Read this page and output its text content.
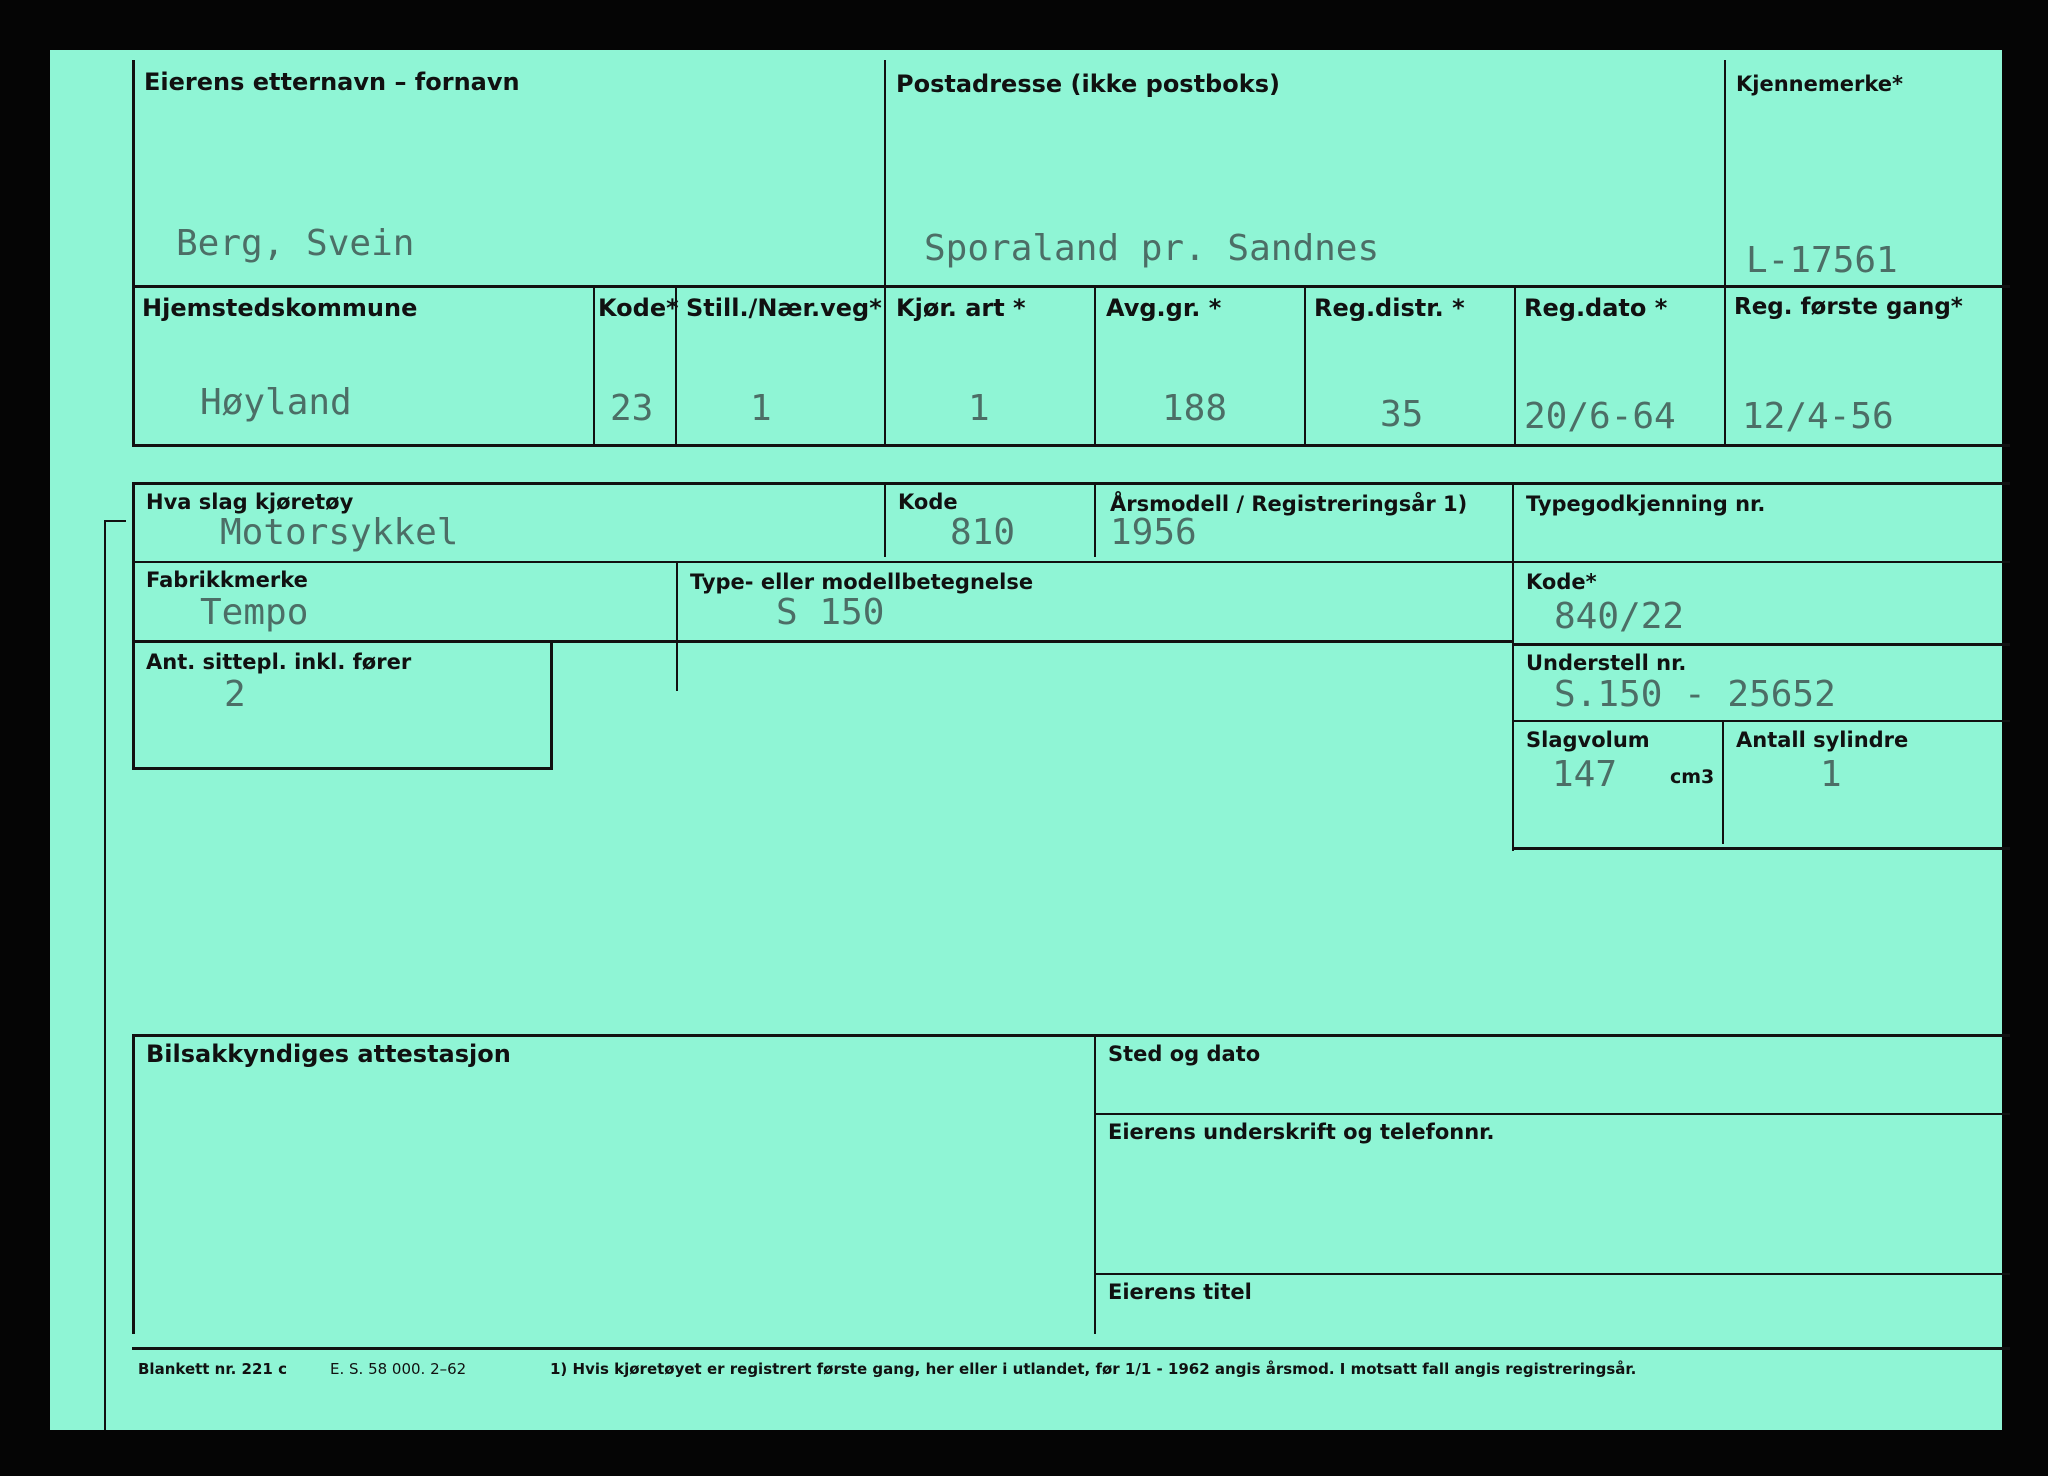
Eierens etternavn – fornavn
Berg, Svein
Postadresse (ikke postboks)
Sporaland pr. Sandnes
Kjennemerke*
L-17561
Hjemstedskommune
Høyland
Kode*
23
Still./Nær.veg*
1
Kjør. art *
1
Avg.gr. *
188
Reg.distr. *
35
Reg.dato *
20/6-64
Reg. første gang*
12/4-56
Hva slag kjøretøy
Motorsykkel
Kode
810
Årsmodell / Registreringsår 1)
1956
Typegodkjenning nr.
Fabrikkmerke
Tempo
Type- eller modellbetegnelse
S 150
Kode*
840/22
Ant. sittepl. inkl. fører
2
Understell nr.
S.150 - 25652
Slagvolum
147	cm3
Antall sylindre
1
Bilsakkyndiges attestasjon	Sted og dato
Eierens underskrift og telefonnr.
Eierens titel
Blankett nr. 221 c	E. S. 58 000. 2–62	1) Hvis kjøretøyet er registrert første gang, her eller i utlandet, før 1/1 - 1962 angis årsmod. I motsatt fall angis registreringsår.
